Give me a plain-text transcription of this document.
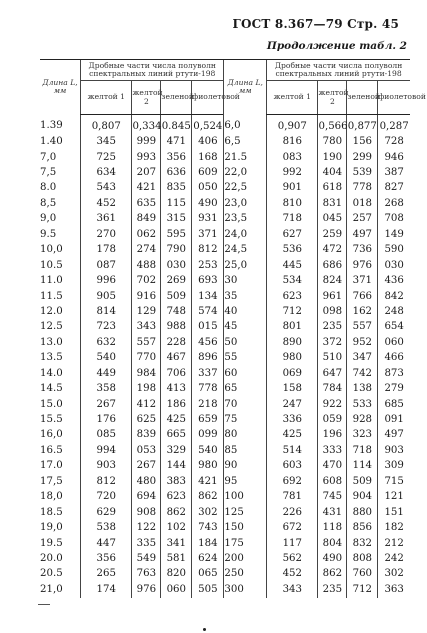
ГОСТ 8.367—79 Стр. 45
Продолжение табл. 2
Длина L, мм	Дробные части числа полуволн спектральных линий ртути-198				Длина L, мм	Дробные части числа полуволн спектральных линий ртути-198			
	желтой 1	желтой 2	зеленой	фиолетовой		желтой 1	желтой 2	зеленой	фиолетовой
1.39	0,807	0,334	0.845	0,524	6,0	0,907	0,566	0,877	0,287
1.40	345	999	471	406	6,5	816	780	156	728
7,0	725	993	356	168	21.5	083	190	299	946
7,5	634	207	636	609	22,0	992	404	539	387
8.0	543	421	835	050	22,5	901	618	778	827
8,5	452	635	115	490	23,0	810	831	018	268
9,0	361	849	315	931	23,5	718	045	257	708
9.5	270	062	595	371	24,0	627	259	497	149
10,0	178	274	790	812	24,5	536	472	736	590
10.5	087	488	030	253	25,0	445	686	976	030
11.0	996	702	269	693	30	534	824	371	436
11.5	905	916	509	134	35	623	961	766	842
12.0	814	129	748	574	40	712	098	162	248
12.5	723	343	988	015	45	801	235	557	654
13.0	632	557	228	456	50	890	372	952	060
13.5	540	770	467	896	55	980	510	347	466
14.0	449	984	706	337	60	069	647	742	873
14.5	358	198	413	778	65	158	784	138	279
15.0	267	412	186	218	70	247	922	533	685
15.5	176	625	425	659	75	336	059	928	091
16,0	085	839	665	099	80	425	196	323	497
16.5	994	053	329	540	85	514	333	718	903
17.0	903	267	144	980	90	603	470	114	309
17,5	812	480	383	421	95	692	608	509	715
18,0	720	694	623	862	100	781	745	904	121
18.5	629	908	862	302	125	226	431	880	151
19,0	538	122	102	743	150	672	118	856	182
19.5	447	335	341	184	175	117	804	832	212
20.0	356	549	581	624	200	562	490	808	242
20.5	265	763	820	065	250	452	862	760	302
21,0	174	976	060	505	300	343	235	712	363
